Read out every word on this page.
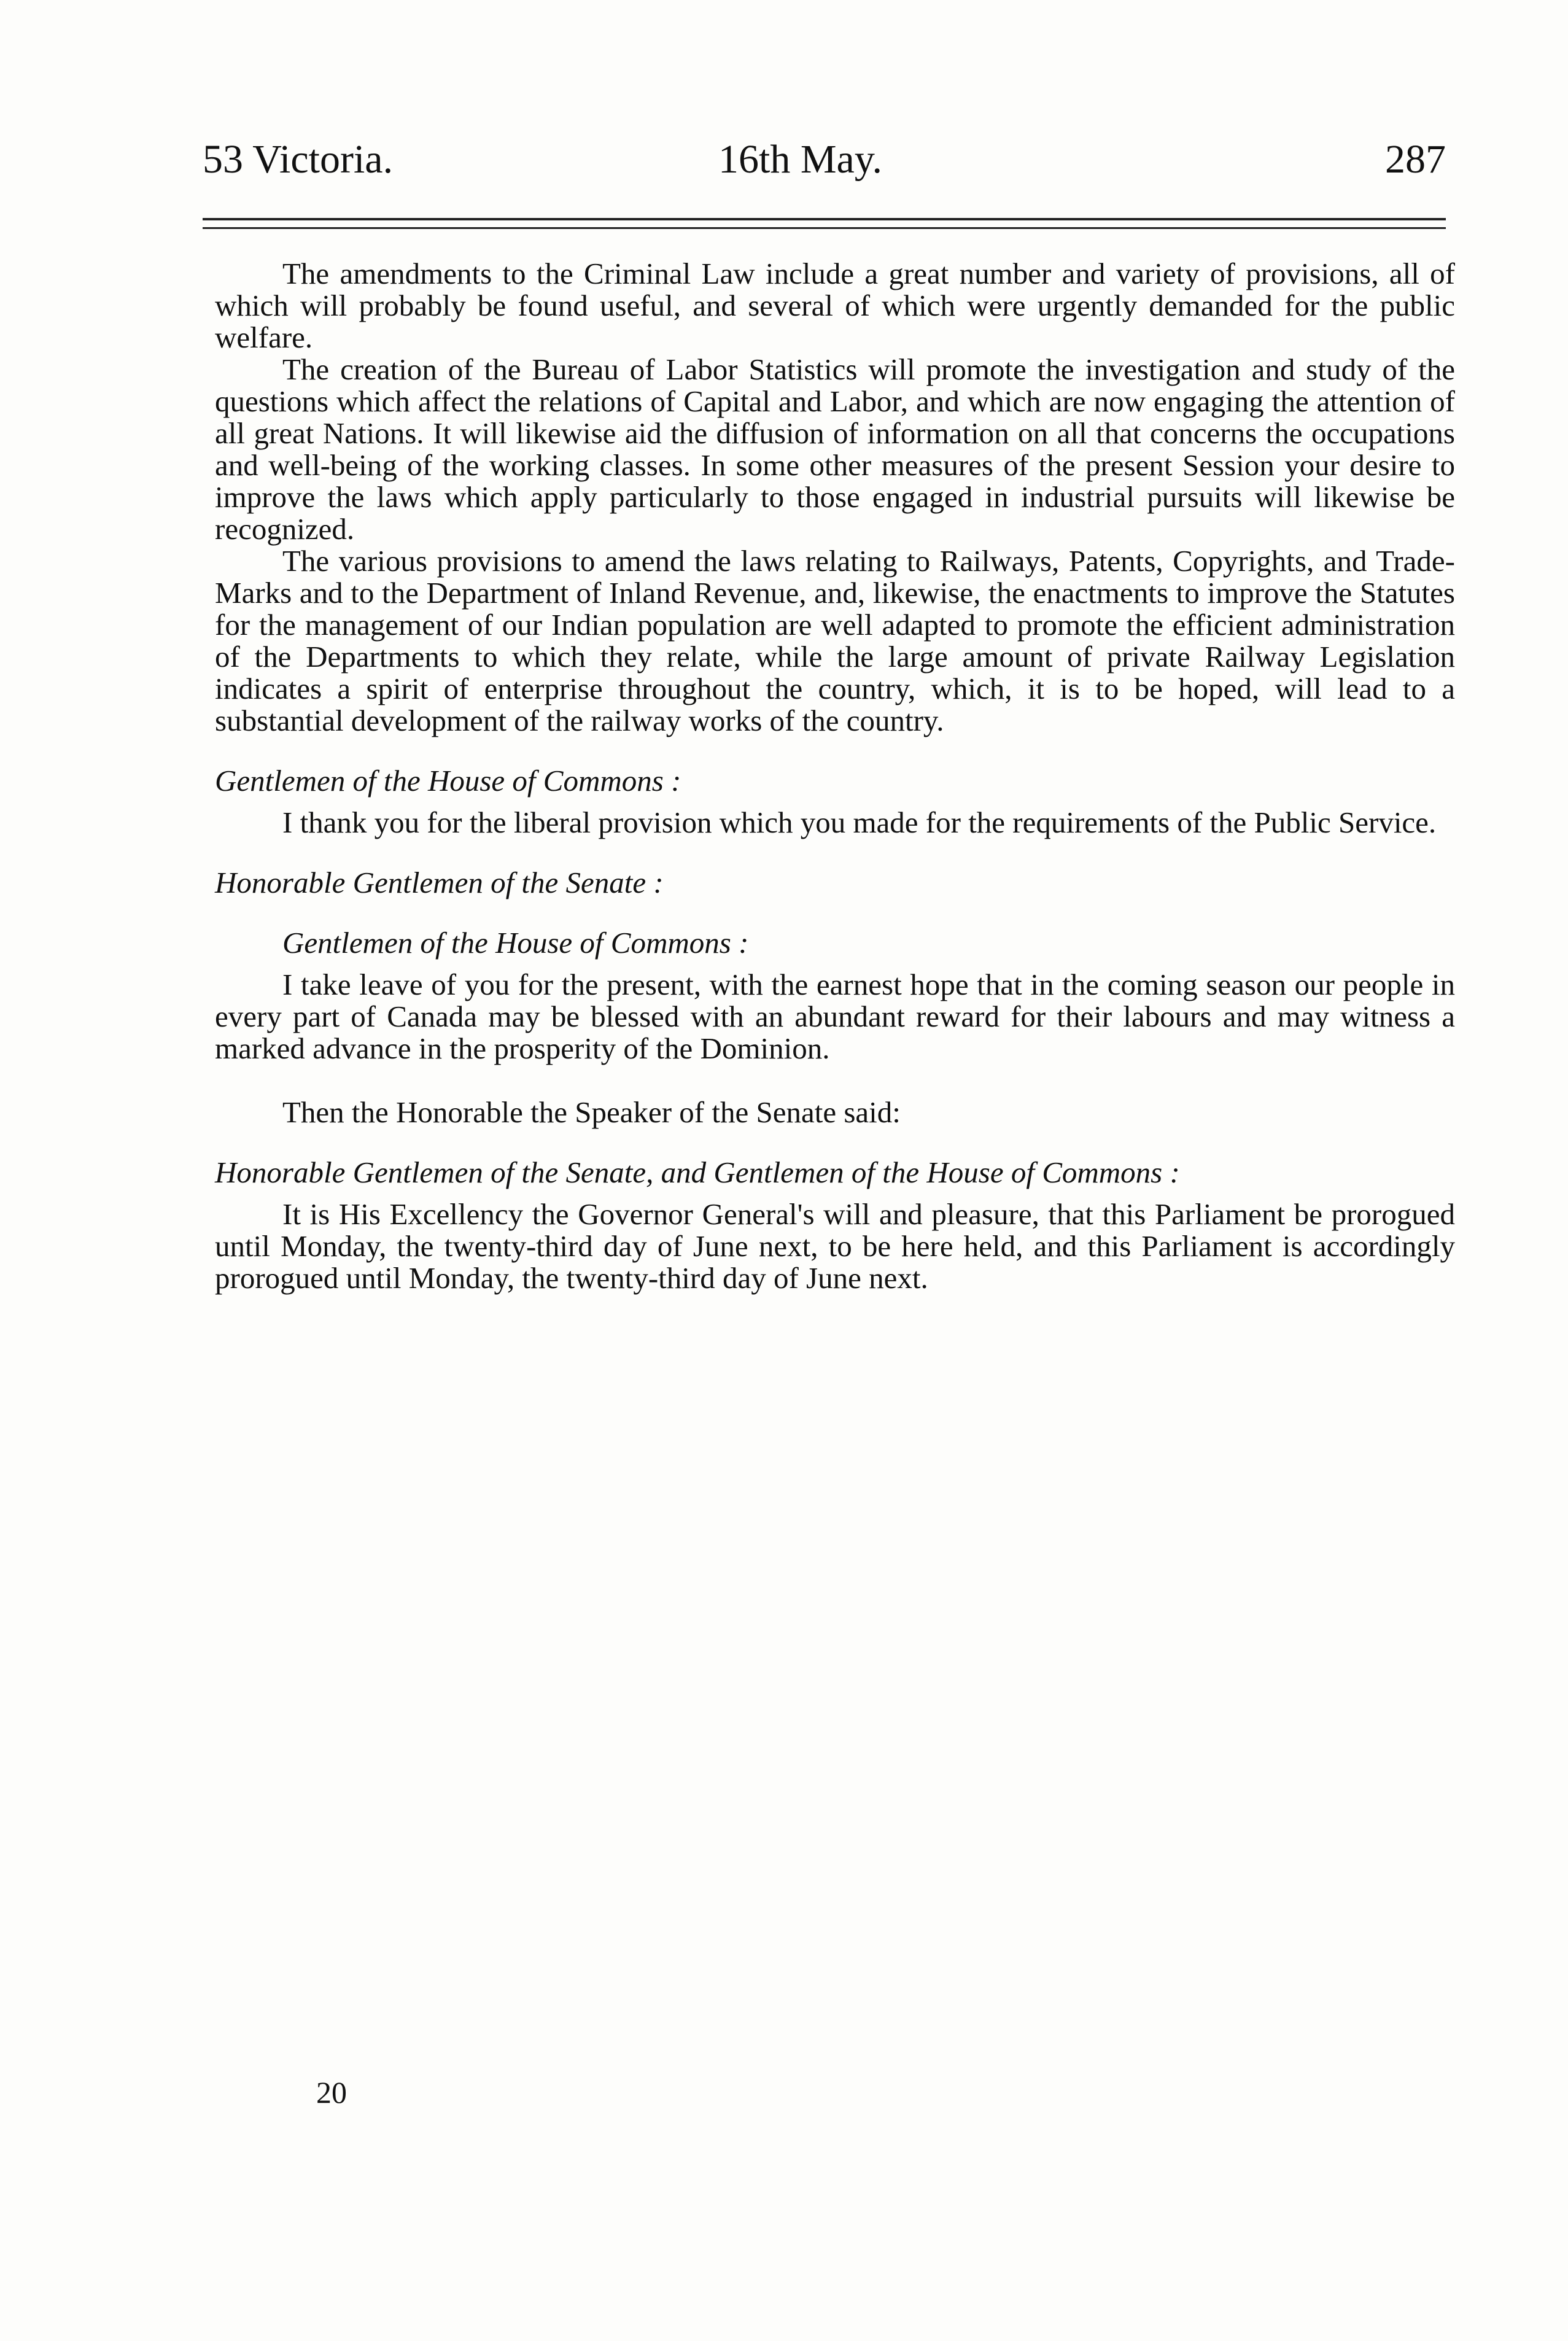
53 Victoria.	16th May.	287

The amendments to the Criminal Law include a great number and variety of provisions, all of which will probably be found useful, and several of which were urgently demanded for the public welfare.

The creation of the Bureau of Labor Statistics will promote the investigation and study of the questions which affect the relations of Capital and Labor, and which are now engaging the attention of all great Nations. It will likewise aid the diffusion of information on all that concerns the occupations and well-being of the working classes. In some other measures of the present Session your desire to improve the laws which apply particularly to those engaged in industrial pursuits will likewise be recognized.

The various provisions to amend the laws relating to Railways, Patents, Copyrights, and Trade-Marks and to the Department of Inland Revenue, and, likewise, the enactments to improve the Statutes for the management of our Indian population are well adapted to promote the efficient administration of the Departments to which they relate, while the large amount of private Railway Legislation indicates a spirit of enterprise throughout the country, which, it is to be hoped, will lead to a substantial development of the railway works of the country.

Gentlemen of the House of Commons :

I thank you for the liberal provision which you made for the requirements of the Public Service.

Honorable Gentlemen of the Senate :

Gentlemen of the House of Commons :

I take leave of you for the present, with the earnest hope that in the coming season our people in every part of Canada may be blessed with an abundant reward for their labours and may witness a marked advance in the prosperity of the Dominion.

Then the Honorable the Speaker of the Senate said:

Honorable Gentlemen of the Senate, and Gentlemen of the House of Commons :

It is His Excellency the Governor General's will and pleasure, that this Parliament be prorogued until Monday, the twenty-third day of June next, to be here held, and this Parliament is accordingly prorogued until Monday, the twenty-third day of June next.

20
